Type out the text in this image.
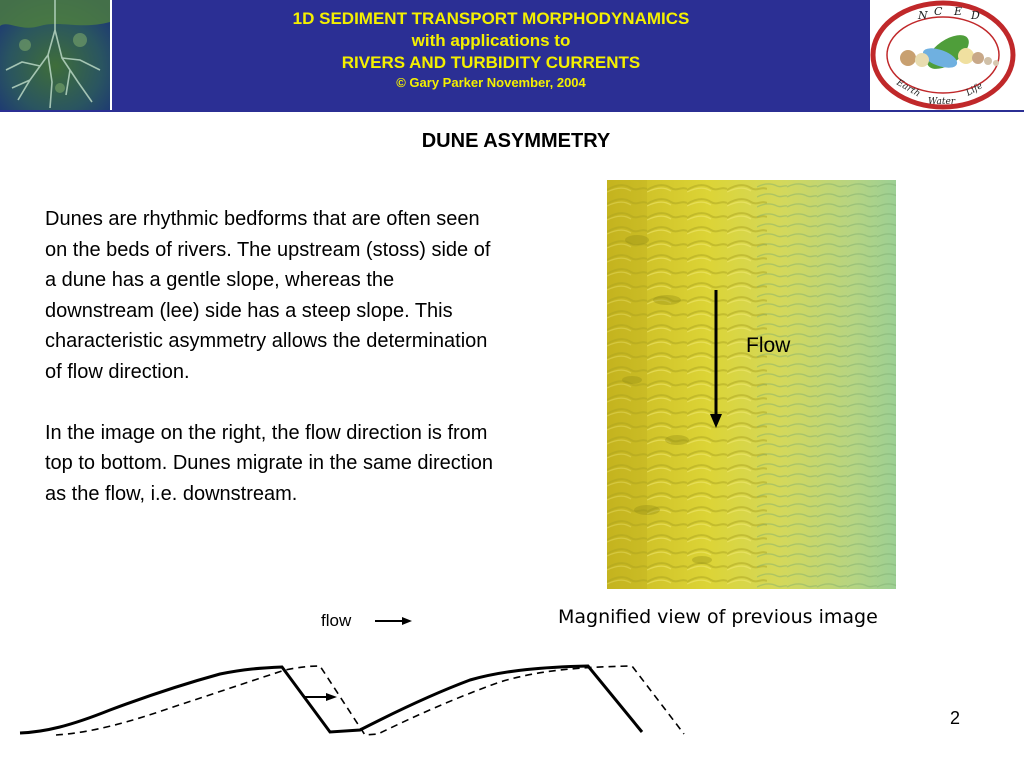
1D SEDIMENT TRANSPORT MORPHODYNAMICS
with applications to
RIVERS AND TURBIDITY CURRENTS
© Gary Parker November, 2004
N C E D
Earth
Water
Life
DUNE ASYMMETRY

Dunes are rhythmic bedforms that are often seen on the beds of rivers. The upstream (stoss) side of a dune has a gentle slope, whereas the downstream (lee) side has a steep slope. This characteristic asymmetry allows the determination of flow direction.

In the image on the right, the flow direction is from top to bottom. Dunes migrate in the same direction as the flow, i.e. downstream.

Flow
Magnified view of previous image
flow
2
